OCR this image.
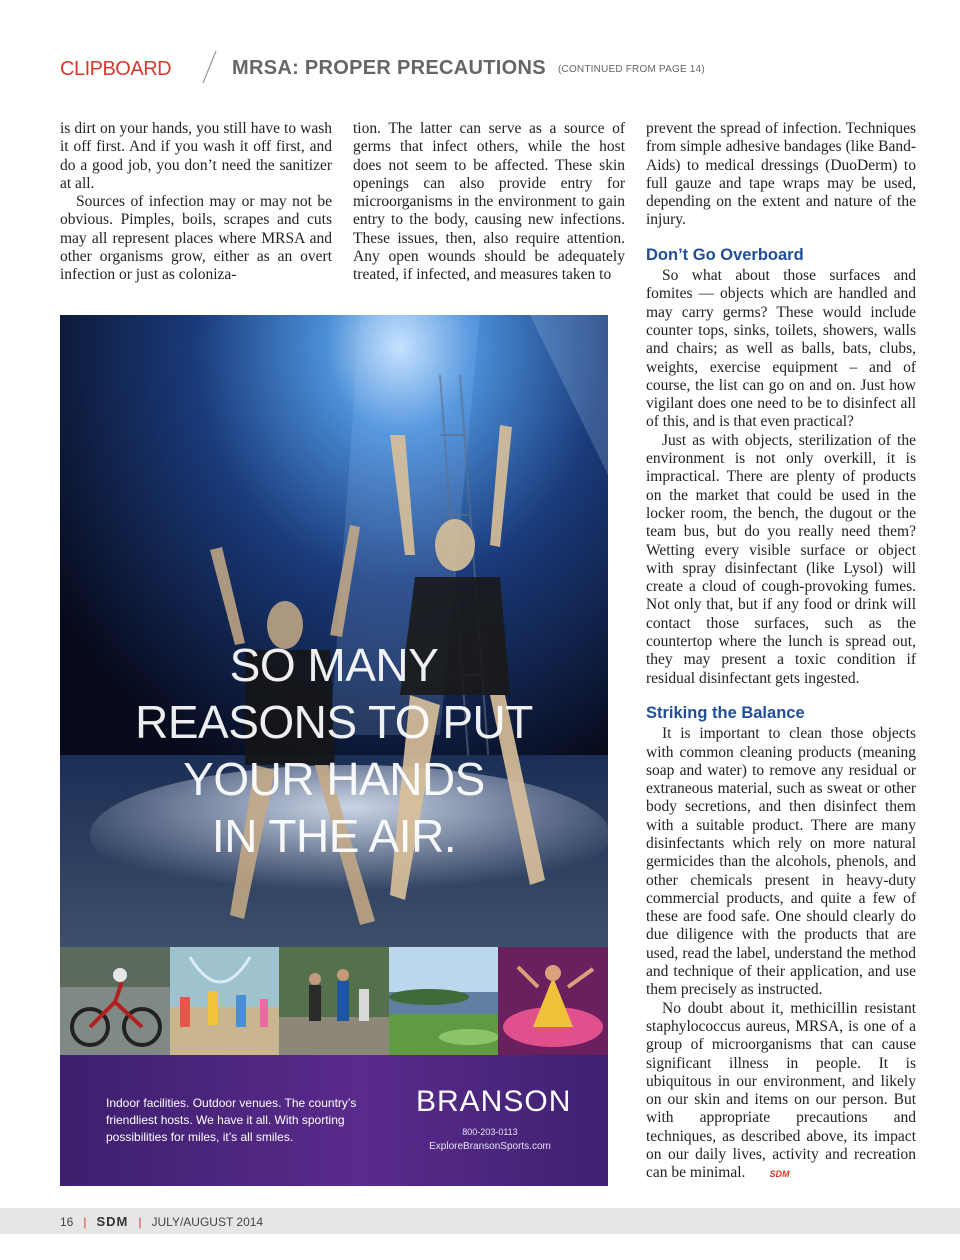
CLIPBOARD	MRSA: PROPER PRECAUTIONS (CONTINUED FROM PAGE 14)

is dirt on your hands, you still have to wash it off first. And if you wash it off first, and do a good job, you don’t need the sanitizer at all.

Sources of infection may or may not be obvious. Pimples, boils, scrapes and cuts may all represent places where MRSA and other organisms grow, either as an overt infection or just as coloniza-

tion. The latter can serve as a source of germs that infect others, while the host does not seem to be affected. These skin openings can also provide entry for microorganisms in the environment to gain entry to the body, causing new infections. These issues, then, also require attention. Any open wounds should be adequately treated, if infected, and measures taken to

prevent the spread of infection. Techniques from simple adhesive bandages (like Band-Aids) to medical dressings (DuoDerm) to full gauze and tape wraps may be used, depending on the extent and nature of the injury.

Don’t Go Overboard

So what about those surfaces and fomites — objects which are handled and may carry germs? These would include counter tops, sinks, toilets, showers, walls and chairs; as well as balls, bats, clubs, weights, exercise equipment – and of course, the list can go on and on. Just how vigilant does one need to be to disinfect all of this, and is that even practical?

Just as with objects, sterilization of the environment is not only overkill, it is impractical. There are plenty of products on the market that could be used in the locker room, the bench, the dugout or the team bus, but do you really need them? Wetting every visible surface or object with spray disinfectant (like Lysol) will create a cloud of cough-provoking fumes. Not only that, but if any food or drink will contact those surfaces, such as the countertop where the lunch is spread out, they may present a toxic condition if residual disinfectant gets ingested.

Striking the Balance

It is important to clean those objects with common cleaning products (meaning soap and water) to remove any residual or extraneous material, such as sweat or other body secretions, and then disinfect them with a suitable product. There are many disinfectants which rely on more natural germicides than the alcohols, phenols, and other chemicals present in heavy-duty commercial products, and quite a few of these are food safe. One should clearly do due diligence with the products that are used, read the label, understand the method and technique of their application, and use them precisely as instructed.

No doubt about it, methicillin resistant staphylococcus aureus, MRSA, is one of a group of microorganisms that can cause significant illness in people. It is ubiquitous in our environment, and likely on our skin and items on our person. But with appropriate precautions and techniques, as described above, its impact on our daily lives, activity and recreation can be minimal.	SDM

SO MANY
REASONS TO PUT
YOUR HANDS
IN THE AIR.
Indoor facilities. Outdoor venues. The country’s friendliest hosts. We have it all. With sporting possibilities for miles, it’s all smiles.
BRANSON
800-203-0113
ExploreBransonSports.com
16 | SDM | JULY/AUGUST 2014
